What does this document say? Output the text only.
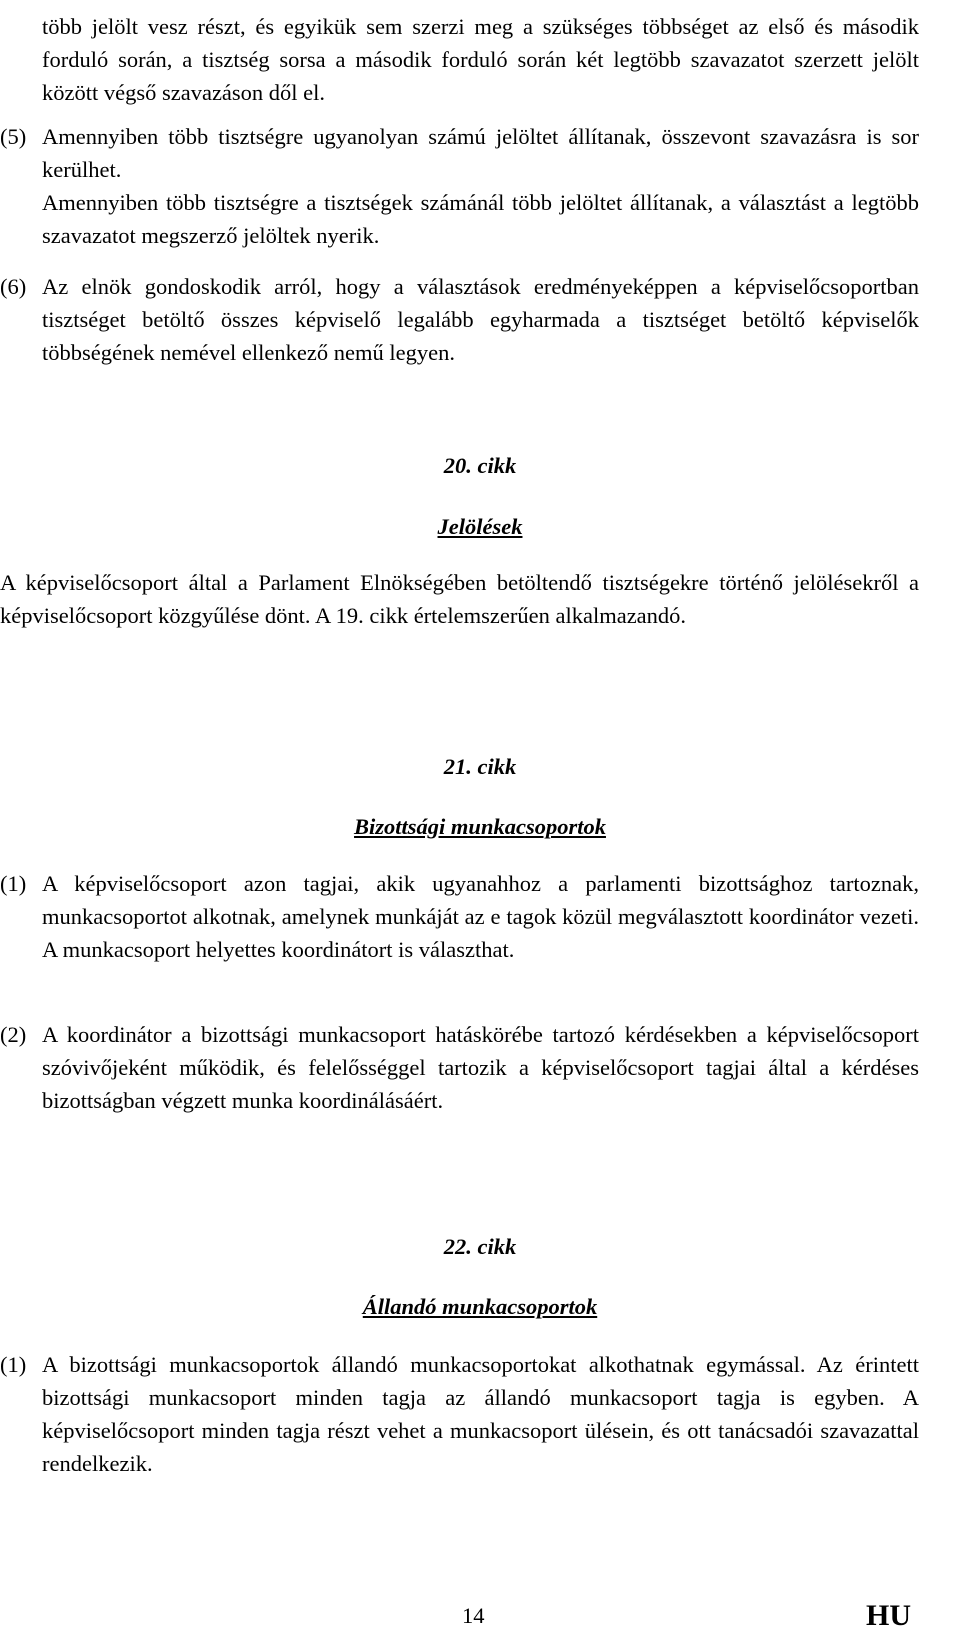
több jelölt vesz részt, és egyikük sem szerzi meg a szükséges többséget az első és második forduló során, a tisztség sorsa a második forduló során két legtöbb szavazatot szerzett jelölt között végső szavazáson dől el.

(5) Amennyiben több tisztségre ugyanolyan számú jelöltet állítanak, összevont szavazásra is sor kerülhet.
Amennyiben több tisztségre a tisztségek számánál több jelöltet állítanak, a választást a legtöbb szavazatot megszerző jelöltek nyerik.
(6) Az elnök gondoskodik arról, hogy a választások eredményeképpen a képviselőcsoportban tisztséget betöltő összes képviselő legalább egyharmada a tisztséget betöltő képviselők többségének nemével ellenkező nemű legyen.
20. cikk
Jelölések

A képviselőcsoport által a Parlament Elnökségében betöltendő tisztségekre történő jelölésekről a képviselőcsoport közgyűlése dönt. A 19. cikk értelemszerűen alkalmazandó.

21. cikk
Bizottsági munkacsoportok
(1) A képviselőcsoport azon tagjai, akik ugyanahhoz a parlamenti bizottsághoz tartoznak, munkacsoportot alkotnak, amelynek munkáját az e tagok közül megválasztott koordinátor vezeti. A munkacsoport helyettes koordinátort is választhat.
(2) A koordinátor a bizottsági munkacsoport hatáskörébe tartozó kérdésekben a képviselőcsoport szóvivőjeként működik, és felelősséggel tartozik a képviselőcsoport tagjai által a kérdéses bizottságban végzett munka koordinálásáért.
22. cikk
Állandó munkacsoportok
(1) A bizottsági munkacsoportok állandó munkacsoportokat alkothatnak egymással. Az érintett bizottsági munkacsoport minden tagja az állandó munkacsoport tagja is egyben. A képviselőcsoport minden tagja részt vehet a munkacsoport ülésein, és ott tanácsadói szavazattal rendelkezik.
14	HU
